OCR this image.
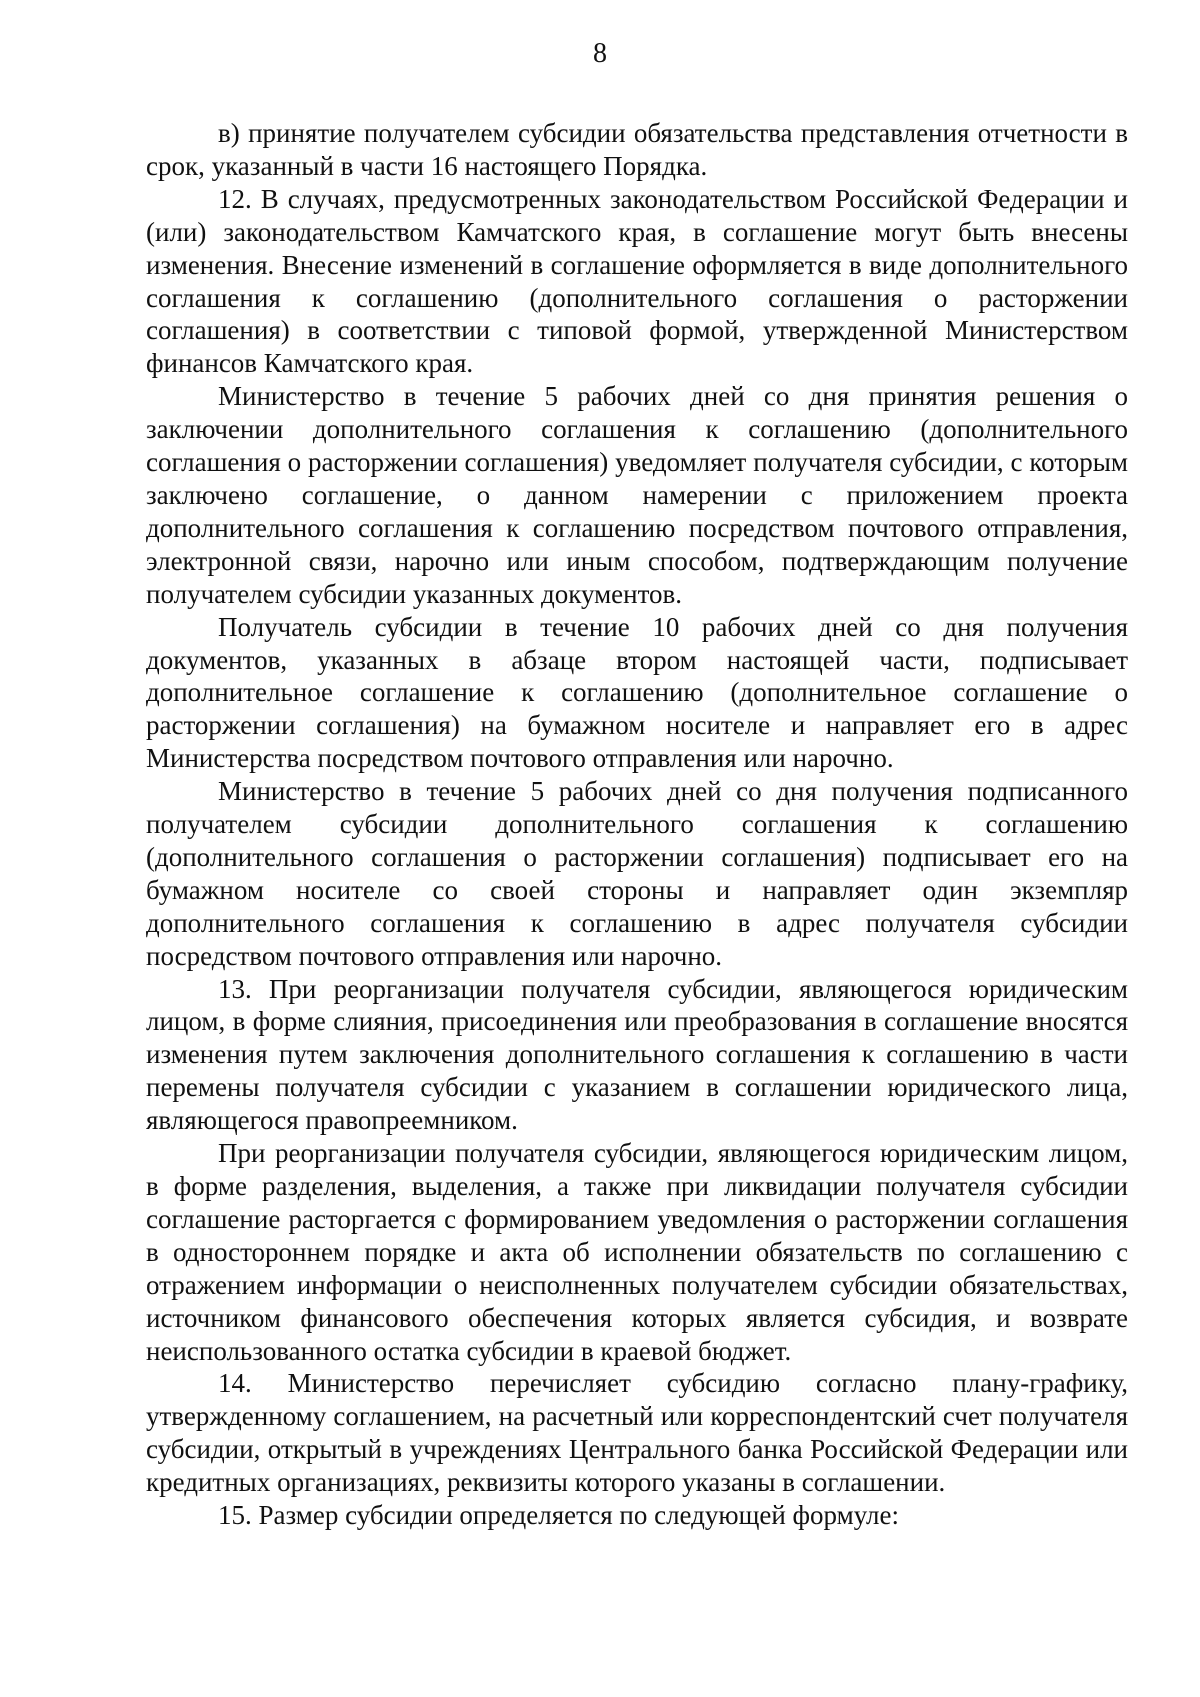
8

в) принятие получателем субсидии обязательства представления отчетности в срок, указанный в части 16 настоящего Порядка.

12. В случаях, предусмотренных законодательством Российской Федерации и (или) законодательством Камчатского края, в соглашение могут быть внесены изменения. Внесение изменений в соглашение оформляется в виде дополнительного соглашения к соглашению (дополнительного соглашения о расторжении соглашения) в соответствии с типовой формой, утвержденной Министерством финансов Камчатского края.

Министерство в течение 5 рабочих дней со дня принятия решения о заключении дополнительного соглашения к соглашению (дополнительного соглашения о расторжении соглашения) уведомляет получателя субсидии, с которым заключено соглашение, о данном намерении с приложением проекта дополнительного соглашения к соглашению посредством почтового отправления, электронной связи, нарочно или иным способом, подтверждающим получение получателем субсидии указанных документов.

Получатель субсидии в течение 10 рабочих дней со дня получения документов, указанных в абзаце втором настоящей части, подписывает дополнительное соглашение к соглашению (дополнительное соглашение о расторжении соглашения) на бумажном носителе и направляет его в адрес Министерства посредством почтового отправления или нарочно.

Министерство в течение 5 рабочих дней со дня получения подписанного получателем субсидии дополнительного соглашения к соглашению (дополнительного соглашения о расторжении соглашения) подписывает его на бумажном носителе со своей стороны и направляет один экземпляр дополнительного соглашения к соглашению в адрес получателя субсидии посредством почтового отправления или нарочно.

13. При реорганизации получателя субсидии, являющегося юридическим лицом, в форме слияния, присоединения или преобразования в соглашение вносятся изменения путем заключения дополнительного соглашения к соглашению в части перемены получателя субсидии с указанием в соглашении юридического лица, являющегося правопреемником.

При реорганизации получателя субсидии, являющегося юридическим лицом, в форме разделения, выделения, а также при ликвидации получателя субсидии соглашение расторгается с формированием уведомления о расторжении соглашения в одностороннем порядке и акта об исполнении обязательств по соглашению с отражением информации о неисполненных получателем субсидии обязательствах, источником финансового обеспечения которых является субсидия, и возврате неиспользованного остатка субсидии в краевой бюджет.

14. Министерство перечисляет субсидию согласно плану-графику, утвержденному соглашением, на расчетный или корреспондентский счет получателя субсидии, открытый в учреждениях Центрального банка Российской Федерации или кредитных организациях, реквизиты которого указаны в соглашении.

15. Размер субсидии определяется по следующей формуле:
